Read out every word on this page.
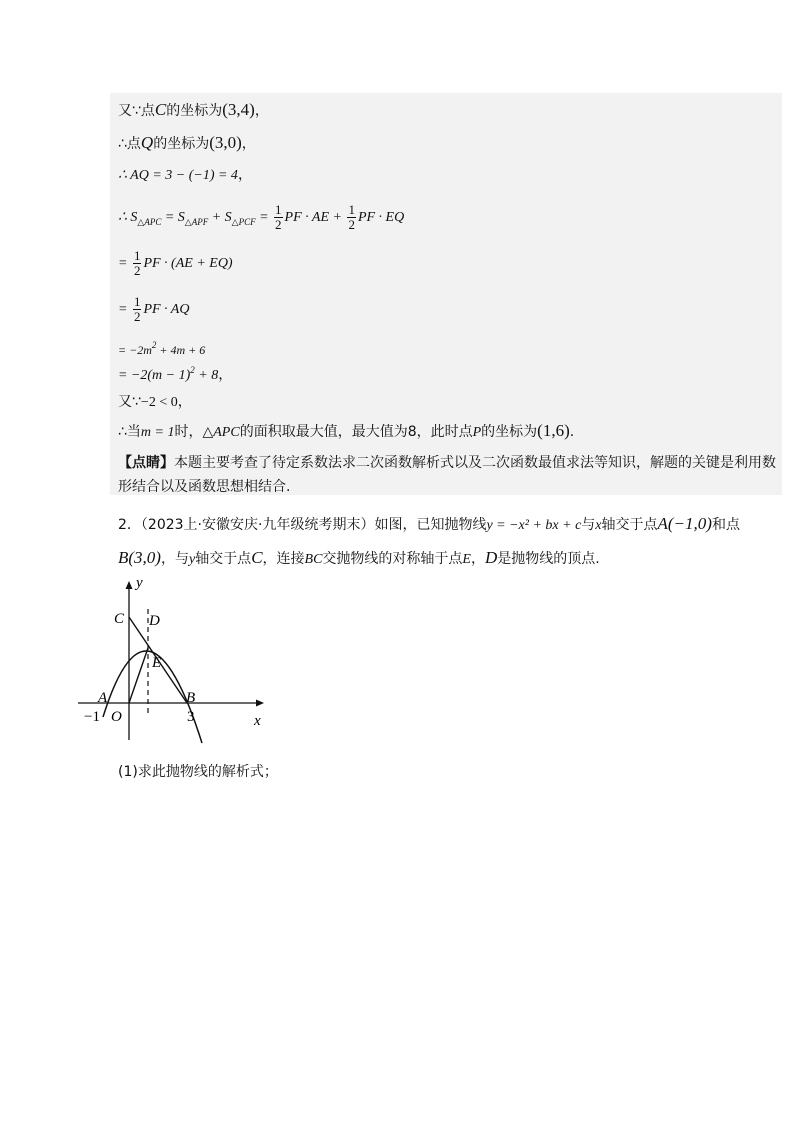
又∵点C的坐标为(3,4)，
∴点Q的坐标为(3,0)，
∴ AQ = 3 − (−1) = 4，
∴ $S_{\triangle APC} = S_{\triangle APF} + S_{\triangle PCF} = \frac{1}{2}$ PF · AE + $\frac{1}{2}$ PF · EQ
= $\frac{1}{2}$ PF · (AE + EQ)
= $\frac{1}{2}$ PF · AQ
= $-2m^2 + 4m + 6$
= $-2(m - 1)^2 + 8$，
又∵−2 < 0，
∴当m = 1时，△APC的面积取最大值，最大值为8，此时点P的坐标为(1,6).
【点睛】本题主要考查了待定系数法求二次函数解析式以及二次函数最值求法等知识，解题的关键是利用数形结合以及函数思想相结合.
2．（2023上·安徽安庆·九年级统考期末）如图，已知抛物线y = −x² + bx + c与x轴交于点A(−1,0)和点B(3,0)，与y轴交于点C，连接BC交抛物线的对称轴于点E，D是抛物线的顶点.
y
x
A	B
C D
E
O
−1	3
(1)求此抛物线的解析式；
